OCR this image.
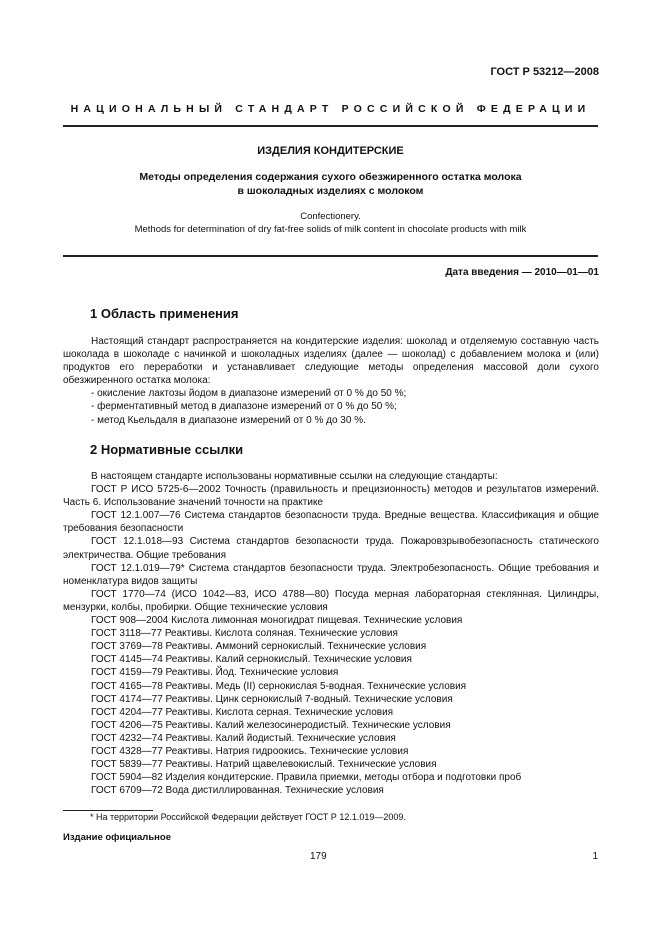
ГОСТ Р 53212—2008
НАЦИОНАЛЬНЫЙ СТАНДАРТ РОССИЙСКОЙ ФЕДЕРАЦИИ
ИЗДЕЛИЯ КОНДИТЕРСКИЕ
Методы определения содержания сухого обезжиренного остатка молока
в шоколадных изделиях с молоком
Confectionery.
Methods for determination of dry fat-free solids of milk content in chocolate products with milk
Дата введения — 2010—01—01
1 Область применения

Настоящий стандарт распространяется на кондитерские изделия: шоколад и отделяемую составную часть шоколада в шоколаде с начинкой и шоколадных изделиях (далее — шоколад) с добавлением молока и (или) продуктов его переработки и устанавливает следующие методы определения массовой доли сухого обезжиренного остатка молока:

- окисление лактозы йодом в диапазоне измерений от 0 % до 50 %;

- ферментативный метод в диапазоне измерений от 0 % до 50 %;

- метод Кьельдаля в диапазоне измерений от 0 % до 30 %.

2 Нормативные ссылки

В настоящем стандарте использованы нормативные ссылки на следующие стандарты:

ГОСТ Р ИСО 5725-6—2002 Точность (правильность и прецизионность) методов и результатов измерений. Часть 6. Использование значений точности на практике

ГОСТ 12.1.007—76 Система стандартов безопасности труда. Вредные вещества. Классификация и общие требования безопасности

ГОСТ 12.1.018—93 Система стандартов безопасности труда. Пожаровзрывобезопасность статического электричества. Общие требования

ГОСТ 12.1.019—79* Система стандартов безопасности труда. Электробезопасность. Общие требования и номенклатура видов защиты

ГОСТ 1770—74 (ИСО 1042—83, ИСО 4788—80) Посуда мерная лабораторная стеклянная. Цилиндры, мензурки, колбы, пробирки. Общие технические условия

ГОСТ 908—2004 Кислота лимонная моногидрат пищевая. Технические условия

ГОСТ 3118—77 Реактивы. Кислота соляная. Технические условия

ГОСТ 3769—78 Реактивы. Аммоний сернокислый. Технические условия

ГОСТ 4145—74 Реактивы. Калий сернокислый. Технические условия

ГОСТ 4159—79 Реактивы. Йод. Технические условия

ГОСТ 4165—78 Реактивы. Медь (II) сернокислая 5-водная. Технические условия

ГОСТ 4174—77 Реактивы. Цинк сернокислый 7-водный. Технические условия

ГОСТ 4204—77 Реактивы. Кислота серная. Технические условия

ГОСТ 4206—75 Реактивы. Калий железосинеродистый. Технические условия

ГОСТ 4232—74 Реактивы. Калий йодистый. Технические условия

ГОСТ 4328—77 Реактивы. Натрия гидроокись. Технические условия

ГОСТ 5839—77 Реактивы. Натрий щавелевокислый. Технические условия

ГОСТ 5904—82 Изделия кондитерские. Правила приемки, методы отбора и подготовки проб

ГОСТ 6709—72 Вода дистиллированная. Технические условия

* На территории Российской Федерации действует ГОСТ Р 12.1.019—2009.
Издание официальное
179	1
